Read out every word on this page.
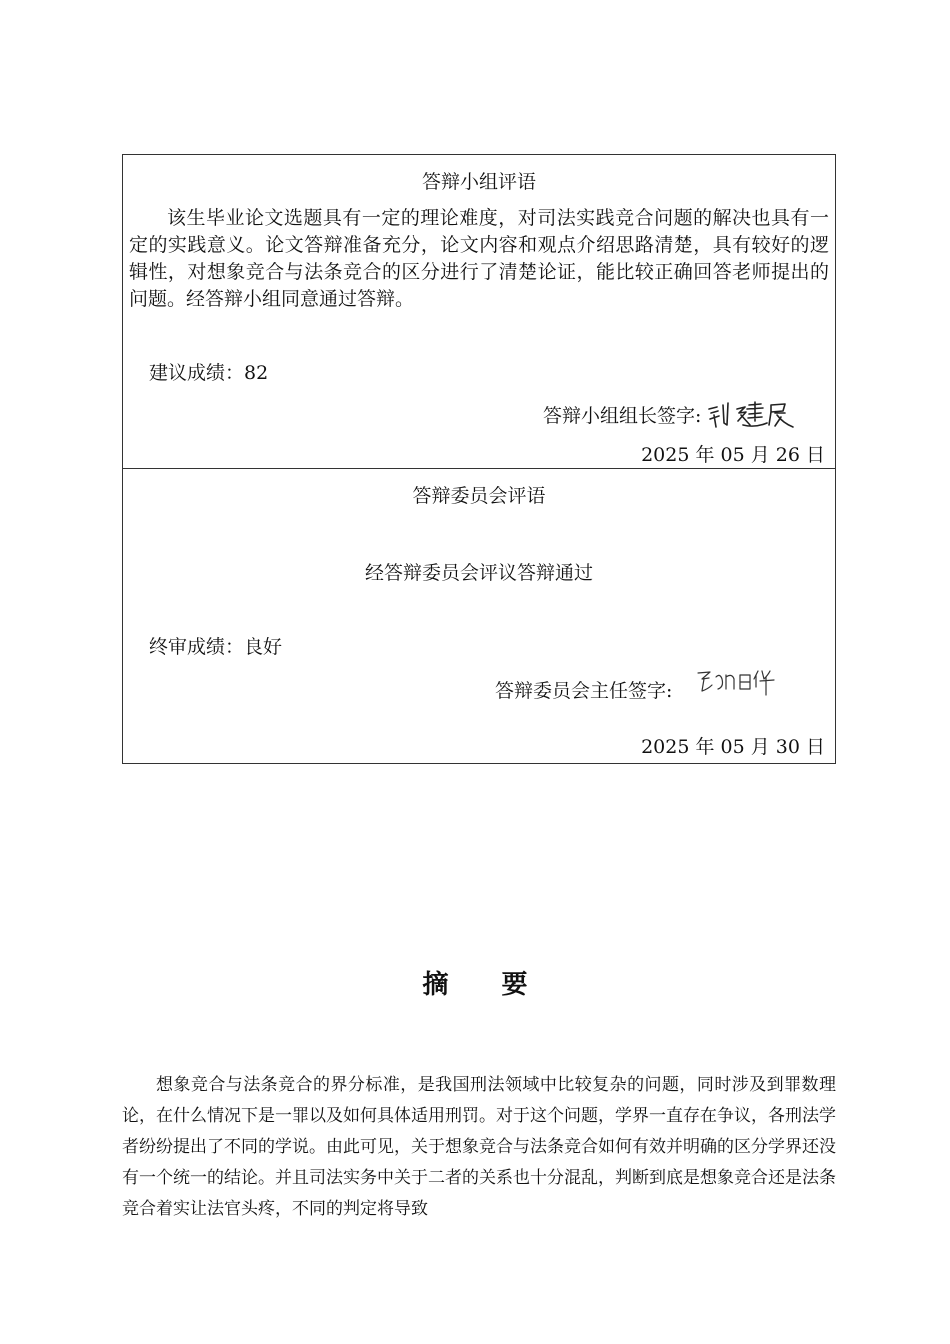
答辩小组评语
该生毕业论文选题具有一定的理论难度，对司法实践竞合问题的解决也具有一定的实践意义。论文答辩准备充分，论文内容和观点介绍思路清楚，具有较好的逻辑性，对想象竞合与法条竞合的区分进行了清楚论证，能比较正确回答老师提出的问题。经答辩小组同意通过答辩。
建议成绩：82
答辩小组组长签字:
2025 年 05 月 26 日
答辩委员会评语
经答辩委员会评议答辩通过
终审成绩：良好
答辩委员会主任签字:
2025 年 05 月 30 日
摘 要
想象竞合与法条竞合的界分标准，是我国刑法领域中比较复杂的问题，同时涉及到罪数理论，在什么情况下是一罪以及如何具体适用刑罚。对于这个问题，学界一直存在争议，各刑法学者纷纷提出了不同的学说。由此可见，关于想象竞合与法条竞合如何有效并明确的区分学界还没有一个统一的结论。并且司法实务中关于二者的关系也十分混乱，判断到底是想象竞合还是法条竞合着实让法官头疼，不同的判定将导致
